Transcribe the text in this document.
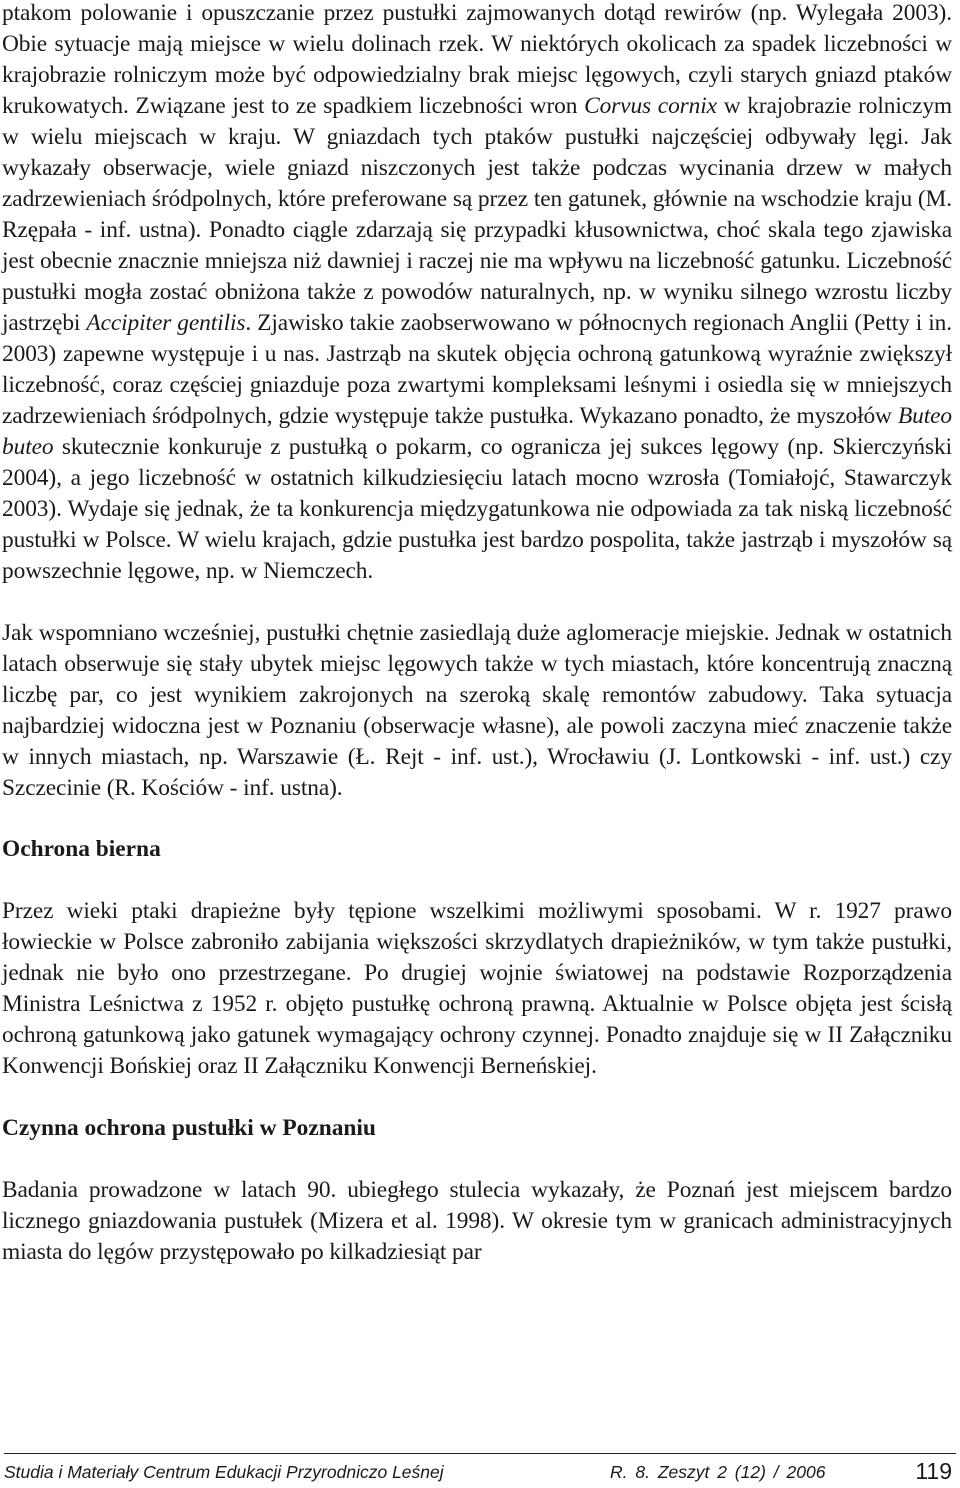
ptakom polowanie i opuszczanie przez pustułki zajmowanych dotąd rewirów (np. Wylegała 2003). Obie sytuacje mają miejsce w wielu dolinach rzek. W niektórych okolicach za spadek liczebności w krajobrazie rolniczym może być odpowiedzialny brak miejsc lęgowych, czyli starych gniazd ptaków krukowatych. Związane jest to ze spadkiem liczebności wron Corvus cornix w krajobrazie rolniczym w wielu miejscach w kraju. W gniazdach tych ptaków pustułki najczęściej odbywały lęgi. Jak wykazały obserwacje, wiele gniazd niszczonych jest także podczas wycinania drzew w małych zadrzewieniach śródpolnych, które preferowane są przez ten gatunek, głównie na wschodzie kraju (M. Rzępała - inf. ustna). Ponadto ciągle zdarzają się przypadki kłusownictwa, choć skala tego zjawiska jest obecnie znacznie mniejsza niż dawniej i raczej nie ma wpływu na liczebność gatunku. Liczebność pustułki mogła zostać obniżona także z powodów naturalnych, np. w wyniku silnego wzrostu liczby jastrzębi Accipiter gentilis. Zjawisko takie zaobserwowano w północnych regionach Anglii (Petty i in. 2003) zapewne występuje i u nas. Jastrząb na skutek objęcia ochroną gatunkową wyraźnie zwiększył liczebność, coraz częściej gniazduje poza zwartymi kompleksami leśnymi i osiedla się w mniejszych zadrzewieniach śródpolnych, gdzie występuje także pustułka. Wykazano ponadto, że myszołów Buteo buteo skutecznie konkuruje z pustułką o pokarm, co ogranicza jej sukces lęgowy (np. Skierczyński 2004), a jego liczebność w ostatnich kilkudziesięciu latach mocno wzrosła (Tomiałojć, Stawarczyk 2003). Wydaje się jednak, że ta konkurencja międzygatunkowa nie odpowiada za tak niską liczebność pustułki w Polsce. W wielu krajach, gdzie pustułka jest bardzo pospolita, także jastrząb i myszołów są powszechnie lęgowe, np. w Niemczech.

Jak wspomniano wcześniej, pustułki chętnie zasiedlają duże aglomeracje miejskie. Jednak w ostatnich latach obserwuje się stały ubytek miejsc lęgowych także w tych miastach, które koncentrują znaczną liczbę par, co jest wynikiem zakrojonych na szeroką skalę remontów zabudowy. Taka sytuacja najbardziej widoczna jest w Poznaniu (obserwacje własne), ale powoli zaczyna mieć znaczenie także w innych miastach, np. Warszawie (Ł. Rejt - inf. ust.), Wrocławiu (J. Lontkowski - inf. ust.) czy Szczecinie (R. Kościów - inf. ustna).

Ochrona bierna

Przez wieki ptaki drapieżne były tępione wszelkimi możliwymi sposobami. W r. 1927 prawo łowieckie w Polsce zabroniło zabijania większości skrzydlatych drapieżników, w tym także pustułki, jednak nie było ono przestrzegane. Po drugiej wojnie światowej na podstawie Rozporządzenia Ministra Leśnictwa z 1952 r. objęto pustułkę ochroną prawną. Aktualnie w Polsce objęta jest ścisłą ochroną gatunkową jako gatunek wymagający ochrony czynnej. Ponadto znajduje się w II Załączniku Konwencji Bońskiej oraz II Załączniku Konwencji Berneńskiej.

Czynna ochrona pustułki w Poznaniu

Badania prowadzone w latach 90. ubiegłego stulecia wykazały, że Poznań jest miejscem bardzo licznego gniazdowania pustułek (Mizera et al. 1998). W okresie tym w granicach administracyjnych miasta do lęgów przystępowało po kilkadziesiąt par

Studia i Materiały Centrum Edukacji Przyrodniczo Leśnej	R. 8. Zeszyt 2 (12) / 2006	119
